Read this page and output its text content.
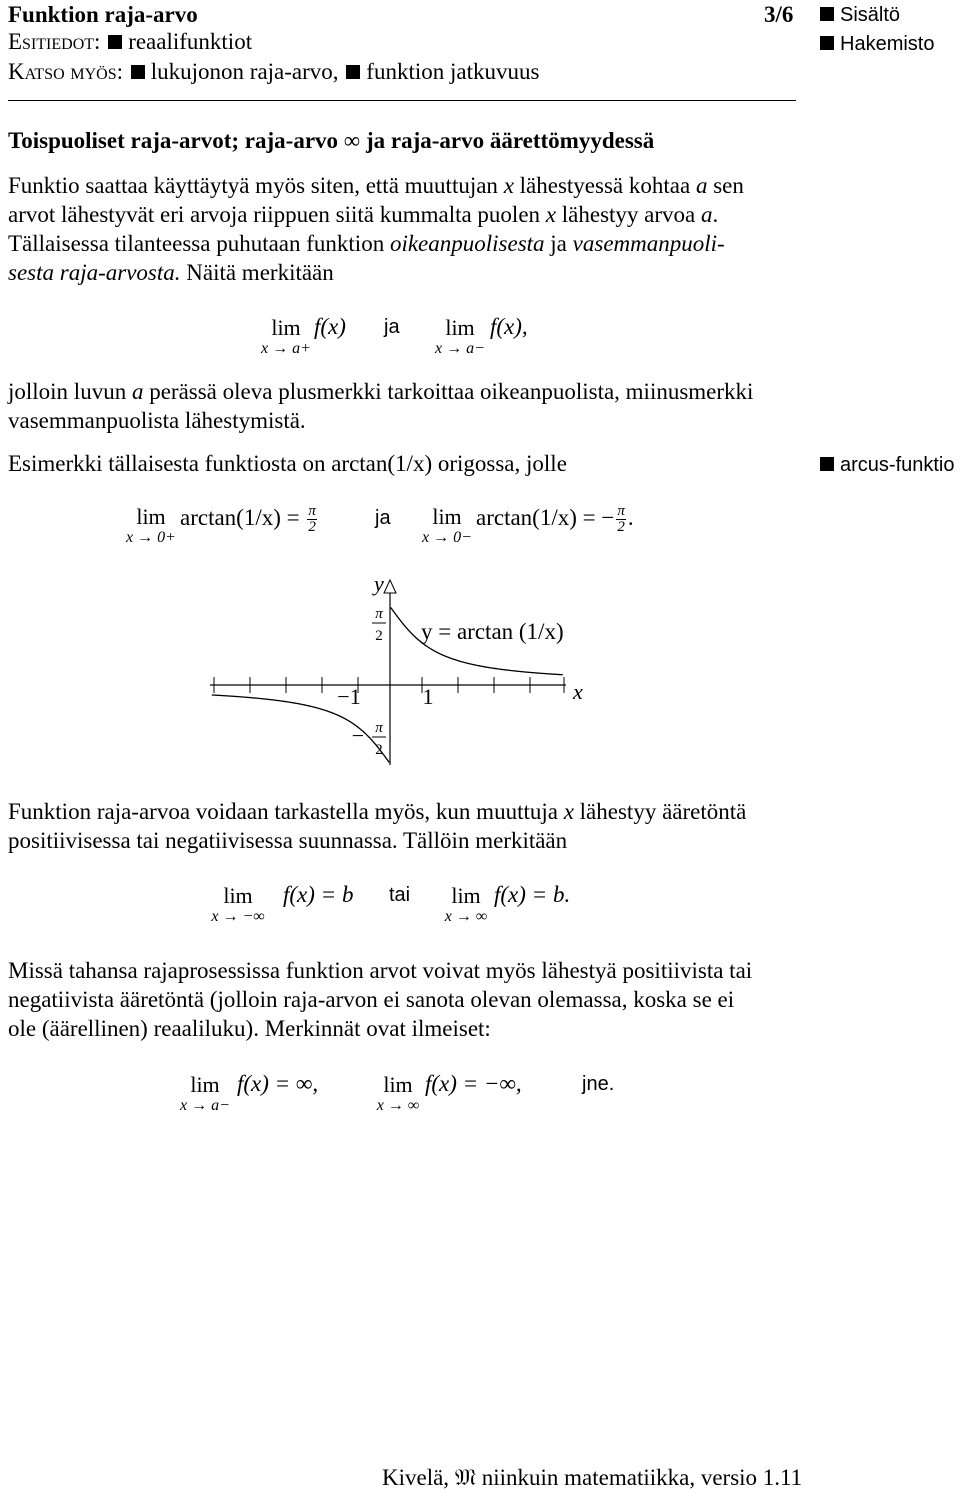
Funktion raja-arvo	3/6
Esitiedot: reaalifunktiot
Katso myös: lukujonon raja-arvo, funktion jatkuvuus
Sisältö
Hakemisto
Toispuoliset raja-arvot; raja-arvo ∞ ja raja-arvo äärettömyydessä
Funktio saattaa käyttäytyä myös siten, että muuttujan x lähestyessä kohtaa a sen
arvot lähestyvät eri arvoja riippuen siitä kummalta puolen x lähestyy arvoa a.
Tällaisessa tilanteessa puhutaan funktion oikeanpuolisesta ja vasemmanpuoli-
sesta raja-arvosta. Näitä merkitään
lim
x → a+
f(x) ja	lim
x → a−
f(x),
jolloin luvun a perässä oleva plusmerkki tarkoittaa oikeanpuolista, miinusmerkki
vasemmanpuolista lähestymistä.
Esimerkki tällaisesta funktiosta on arctan(1/x) origossa, jolle	arcus-funktio
lim
x → 0+
$\arctan(1/x) = \frac{\pi}{2}$	ja	lim
x → 0−
arctan(1/x) = − $\frac{\pi}{2}$ .
y
x
π
2
− π
2
−1	1
y = arctan (1/x)
Funktion raja-arvoa voidaan tarkastella myös, kun muuttuja x lähestyy ääretöntä
positiivisessa tai negatiivisessa suunnassa. Tällöin merkitään
lim
x → −∞
f(x) = b tai	lim
x → ∞
f(x) = b.
Missä tahansa rajaprosessissa funktion arvot voivat myös lähestyä positiivista tai
negatiivista ääretöntä (jolloin raja-arvon ei sanota olevan olemassa, koska se ei
ole (äärellinen) reaaliluku). Merkinnät ovat ilmeiset:
lim
x → a−
f(x) = ∞,	lim
x → ∞
f(x) = −∞,	jne.
Kivelä, 𝔐 niinkuin matematiikka, versio 1.11
